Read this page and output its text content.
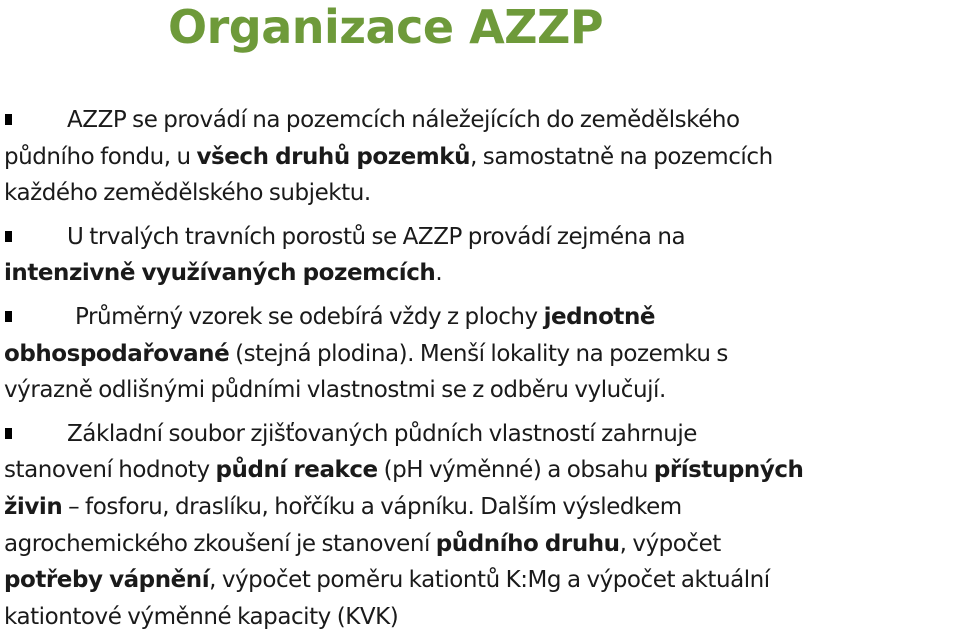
Organizace AZZP
AZZP se provádí na pozemcích náležejících do zemědělského
půdního fondu, u všech druhů pozemků, samostatně na pozemcích
každého zemědělského subjektu.
U trvalých travních porostů se AZZP provádí zejména na
intenzivně využívaných pozemcích.
Průměrný vzorek se odebírá vždy z plochy jednotně
obhospodařované (stejná plodina). Menší lokality na pozemku s
výrazně odlišnými půdními vlastnostmi se z odběru vylučují.
Základní soubor zjišťovaných půdních vlastností zahrnuje
stanovení hodnoty půdní reakce (pH výměnné) a obsahu přístupných
živin – fosforu, draslíku, hořčíku a vápníku. Dalším výsledkem
agrochemického zkoušení je stanovení půdního druhu, výpočet
potřeby vápnění, výpočet poměru kationtů K:Mg a výpočet aktuální
kationtové výměnné kapacity (KVK)
